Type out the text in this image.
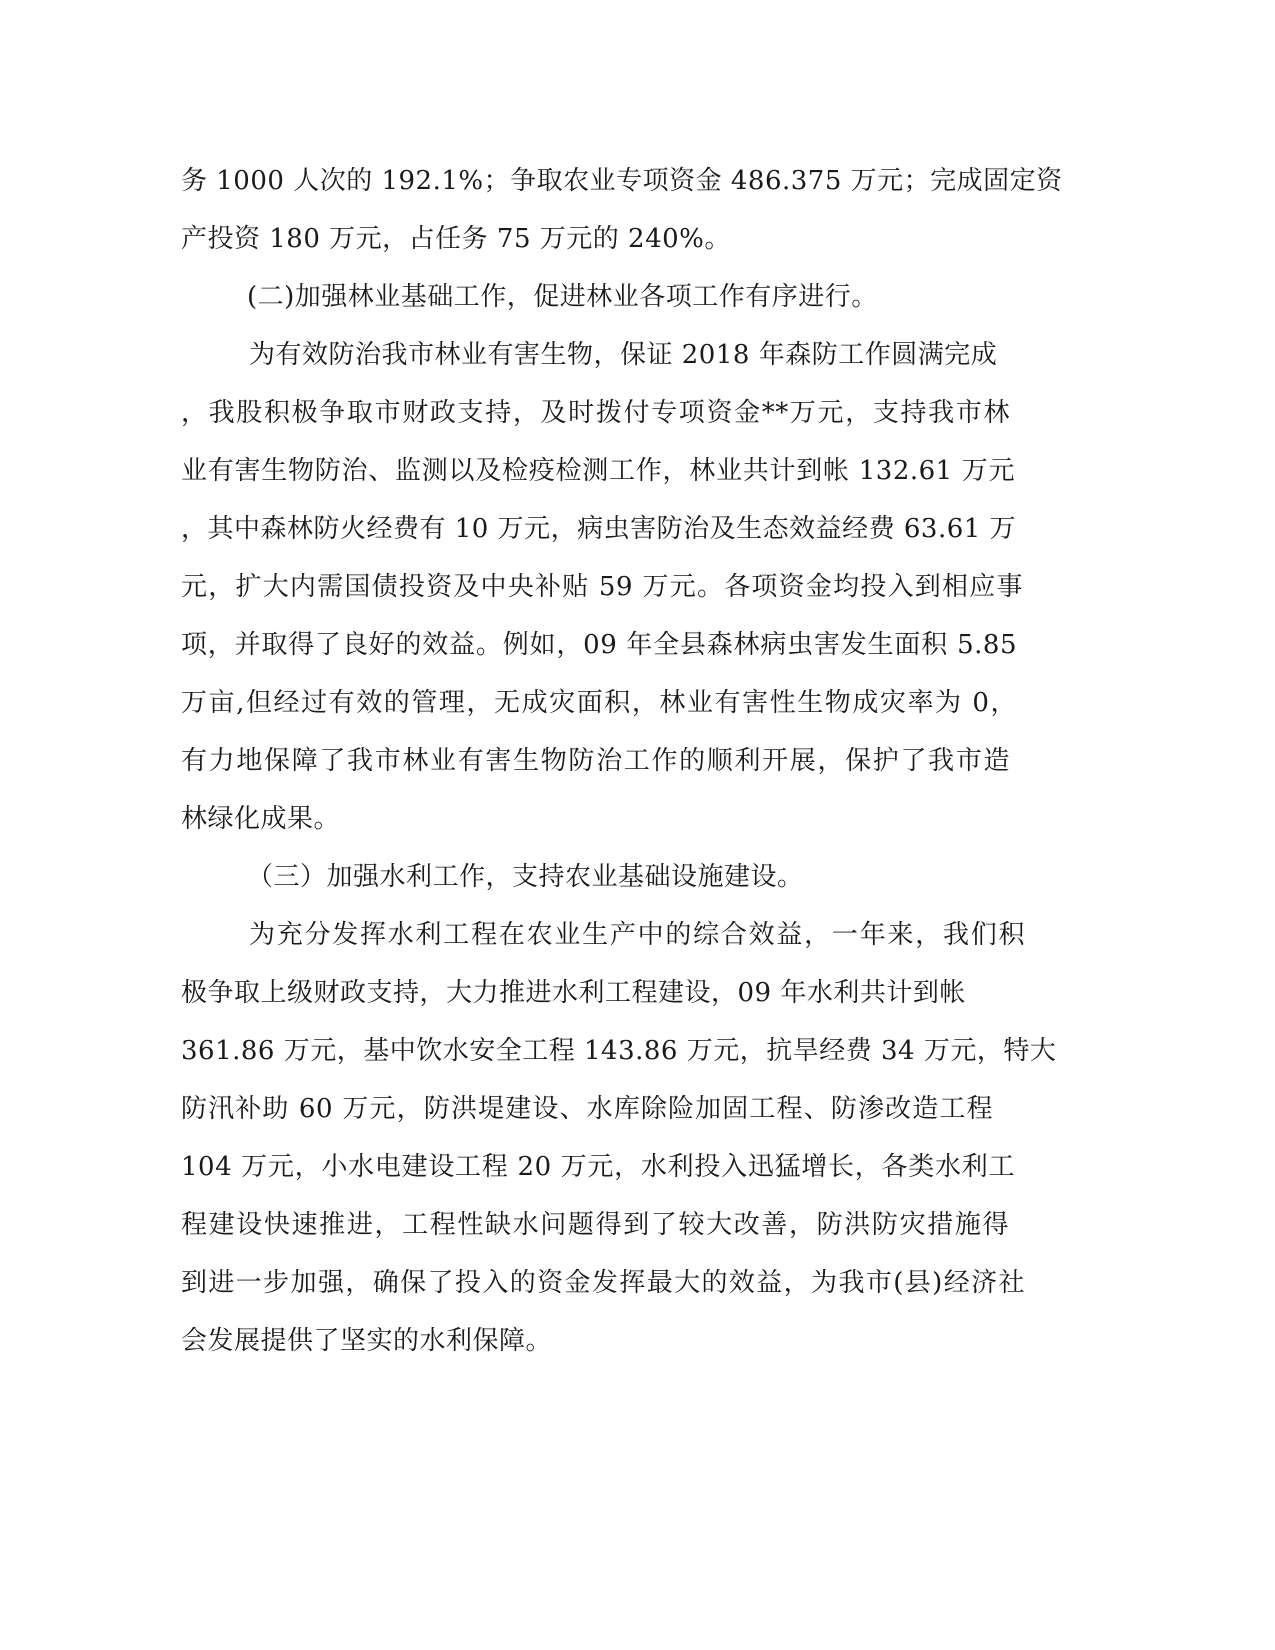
务 1000 人次的 192.1%；争取农业专项资金 486.375 万元；完成固定资
产投资 180 万元，占任务 75 万元的 240%。
(二)加强林业基础工作，促进林业各项工作有序进行。
为有效防治我市林业有害生物，保证 2018 年森防工作圆满完成
，我股积极争取市财政支持，及时拨付专项资金**万元，支持我市林
业有害生物防治、监测以及检疫检测工作，林业共计到帐 132.61 万元
，其中森林防火经费有 10 万元，病虫害防治及生态效益经费 63.61 万
元，扩大内需国债投资及中央补贴 59 万元。各项资金均投入到相应事
项，并取得了良好的效益。例如，09 年全县森林病虫害发生面积 5.85
万亩,但经过有效的管理，无成灾面积，林业有害性生物成灾率为 0，
有力地保障了我市林业有害生物防治工作的顺利开展，保护了我市造
林绿化成果。
（三）加强水利工作，支持农业基础设施建设。
为充分发挥水利工程在农业生产中的综合效益，一年来，我们积
极争取上级财政支持，大力推进水利工程建设，09 年水利共计到帐
361.86 万元，基中饮水安全工程 143.86 万元，抗旱经费 34 万元，特大
防汛补助 60 万元，防洪堤建设、水库除险加固工程、防渗改造工程
104 万元，小水电建设工程 20 万元，水利投入迅猛增长，各类水利工
程建设快速推进，工程性缺水问题得到了较大改善，防洪防灾措施得
到进一步加强，确保了投入的资金发挥最大的效益，为我市(县)经济社
会发展提供了坚实的水利保障。
